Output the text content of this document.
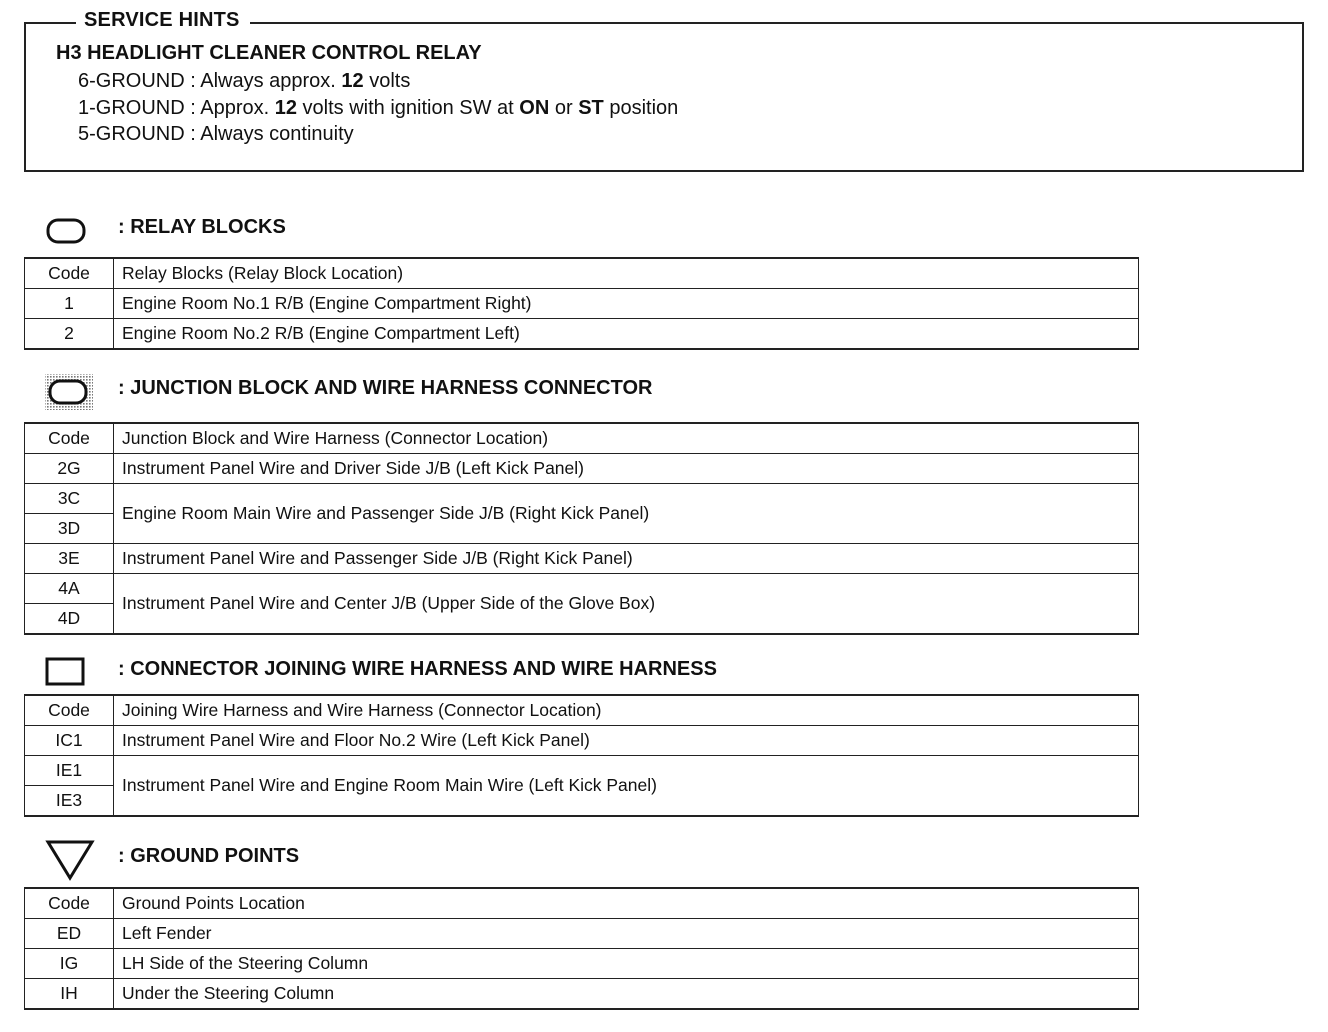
SERVICE HINTS
H3 HEADLIGHT CLEANER CONTROL RELAY
6-GROUND : Always approx. 12 volts
1-GROUND : Approx. 12 volts with ignition SW at ON or ST position
5-GROUND : Always continuity
: RELAY BLOCKS
Code	Relay Blocks (Relay Block Location)
1	Engine Room No.1 R/B (Engine Compartment Right)
2	Engine Room No.2 R/B (Engine Compartment Left)
: JUNCTION BLOCK AND WIRE HARNESS CONNECTOR
Code	Junction Block and Wire Harness (Connector Location)
2G	Instrument Panel Wire and Driver Side J/B (Left Kick Panel)
3C	Engine Room Main Wire and Passenger Side J/B (Right Kick Panel)
3D	
3E	Instrument Panel Wire and Passenger Side J/B (Right Kick Panel)
4A	Instrument Panel Wire and Center J/B (Upper Side of the Glove Box)
4D	
: CONNECTOR JOINING WIRE HARNESS AND WIRE HARNESS
Code	Joining Wire Harness and Wire Harness (Connector Location)
IC1	Instrument Panel Wire and Floor No.2 Wire (Left Kick Panel)
IE1	Instrument Panel Wire and Engine Room Main Wire (Left Kick Panel)
IE3	
: GROUND POINTS
Code	Ground Points Location
ED	Left Fender
IG	LH Side of the Steering Column
IH	Under the Steering Column
